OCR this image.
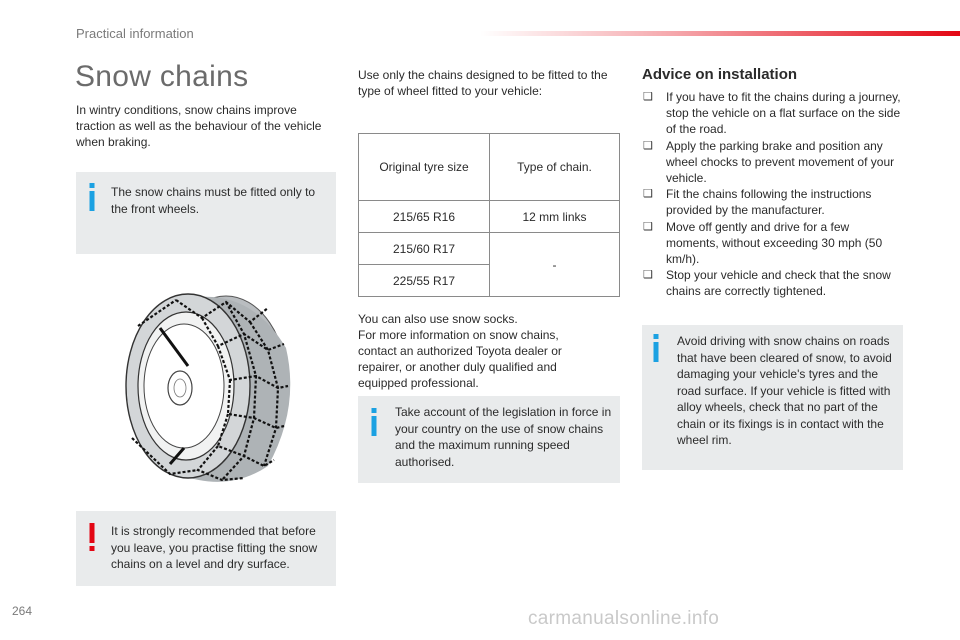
Practical information
Snow chains
In wintry conditions, snow chains improve traction as well as the behaviour of the vehicle when braking.
The snow chains must be fitted only to the front wheels.
It is strongly recommended that before you leave, you practise fitting the snow chains on a level and dry surface.
Use only the chains designed to be fitted to the type of wheel fitted to your vehicle:
Original tyre size	Type of chain.
215/65 R16	12 mm links
215/60 R17	-
225/55 R17	
You can also use snow socks.
For more information on snow chains, contact an authorized Toyota dealer or repairer, or another duly qualified and equipped professional.
Take account of the legislation in force in your country on the use of snow chains and the maximum running speed authorised.
Advice on installation
❑ If you have to fit the chains during a journey, stop the vehicle on a flat surface on the side of the road.
❑ Apply the parking brake and position any wheel chocks to prevent movement of your vehicle.
❑ Fit the chains following the instructions provided by the manufacturer.
❑ Move off gently and drive for a few moments, without exceeding 30 mph (50 km/h).
❑ Stop your vehicle and check that the snow chains are correctly tightened.
Avoid driving with snow chains on roads that have been cleared of snow, to avoid damaging your vehicle's tyres and the road surface. If your vehicle is fitted with alloy wheels, check that no part of the chain or its fixings is in contact with the wheel rim.
264	carmanualsonline.info
